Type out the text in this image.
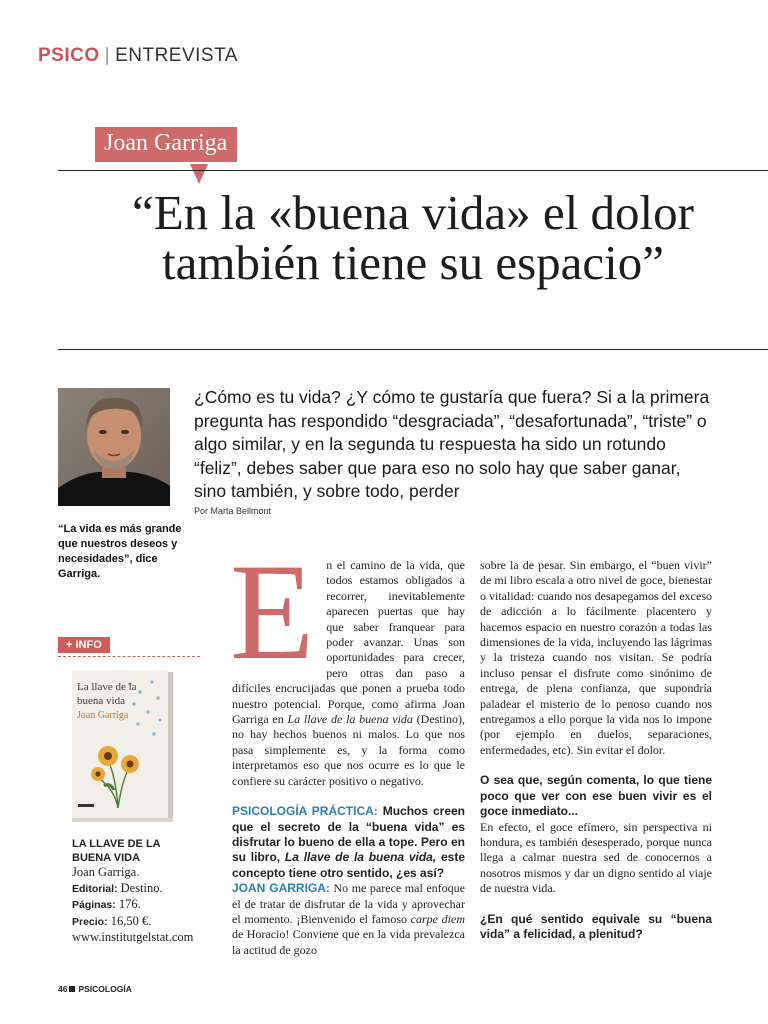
PSICO | ENTREVISTA
Joan Garriga
“En la «buena vida» el dolor también tiene su espacio”
“La vida es más grande que nuestros deseos y necesidades”, dice Garriga.
¿Cómo es tu vida? ¿Y cómo te gustaría que fuera? Si a la primera pregunta has respondido “desgraciada”, “desafortunada”, “triste” o algo similar, y en la segunda tu respuesta ha sido un rotundo “feliz”, debes saber que para eso no solo hay que saber ganar, sino también, y sobre todo, perder
Por Marta Bellmont
+ INFO
La llave de la
buena vida
Joan Garriga
LA LLAVE DE LA BUENA VIDA
Joan Garriga.
Editorial: Destino.
Páginas: 176.
Precio: 16,50 €.
www.institutgelstat.com
E n el camino de la vida, que todos estamos obligados a recorrer, inevitablemente aparecen puertas que hay que saber franquear para poder avanzar. Unas son oportunidades para crecer, pero otras dan paso a difíciles encrucijadas que ponen a prueba todo nuestro potencial. Porque, como afirma Joan Garriga en La llave de la buena vida (Destino), no hay hechos buenos ni malos. Lo que nos pasa simplemente es, y la forma como interpretamos eso que nos ocurre es lo que le confiere su carácter positivo o negativo.
PSICOLOGÍA PRÁCTICA: Muchos creen que el secreto de la “buena vida” es disfrutar lo bueno de ella a tope. Pero en su libro, La llave de la buena vida, este concepto tiene otro sentido, ¿es así?
JOAN GARRIGA: No me parece mal enfoque el de tratar de disfrutar de la vida y aprovechar el momento. ¡Bienvenido el famoso carpe diem de Horacio! Conviene que en la vida prevalezca la actitud de gozo
sobre la de pesar. Sin embargo, el “buen vivir” de mi libro escala a otro nivel de goce, bienestar o vitalidad: cuando nos desapegamos del exceso de adicción a lo fácilmente placentero y hacemos espacio en nuestro corazón a todas las dimensiones de la vida, incluyendo las lágrimas y la tristeza cuando nos visitan. Se podría incluso pensar el disfrute como sinónimo de entrega, de plena confianza, que supondría paladear el misterio de lo penoso cuando nos entregamos a ello porque la vida nos lo impone (por ejemplo en duelos, separaciones, enfermedades, etc). Sin evitar el dolor.
O sea que, según comenta, lo que tiene poco que ver con ese buen vivir es el goce inmediato...
En efecto, el goce efímero, sin perspectiva ni hondura, es también desesperado, porque nunca llega a calmar nuestra sed de conocernos a nosotros mismos y dar un digno sentido al viaje de nuestra vida.
¿En qué sentido equivale su “buena vida” a felicidad, a plenitud?
46 PSICOLOGÍA
